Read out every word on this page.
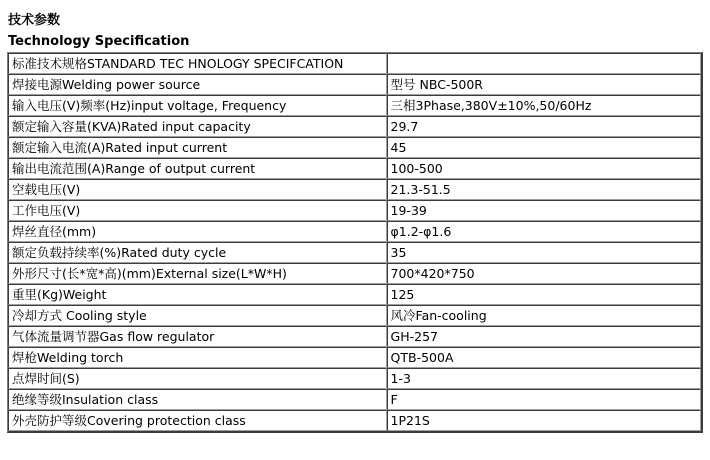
技术参数
Technology Specification
标准技术规格STANDARD TEC HNOLOGY SPECIFCATION	
焊接电源Welding power source	型号 NBC-500R
输入电压(V)频率(Hz)input voltage, Frequency	三相3Phase,380V±10%,50/60Hz
额定输入容量(KVA)Rated input capacity	29.7
额定输入电流(A)Rated input current	45
输出电流范围(A)Range of output current	100-500
空载电压(V)	21.3-51.5
工作电压(V)	19-39
焊丝直径(mm)	φ1.2-φ1.6
额定负载持续率(%)Rated duty cycle	35
外形尺寸(长*宽*高)(mm)External size(L*W*H)	700*420*750
重里(Kg)Weight	125
冷却方式 Cooling style	风冷Fan-cooling
气体流量调节器Gas flow regulator	GH-257
焊枪Welding torch	QTB-500A
点焊时间(S)	1-3
绝缘等级Insulation class	F
外壳防护等级Covering protection class	1P21S
